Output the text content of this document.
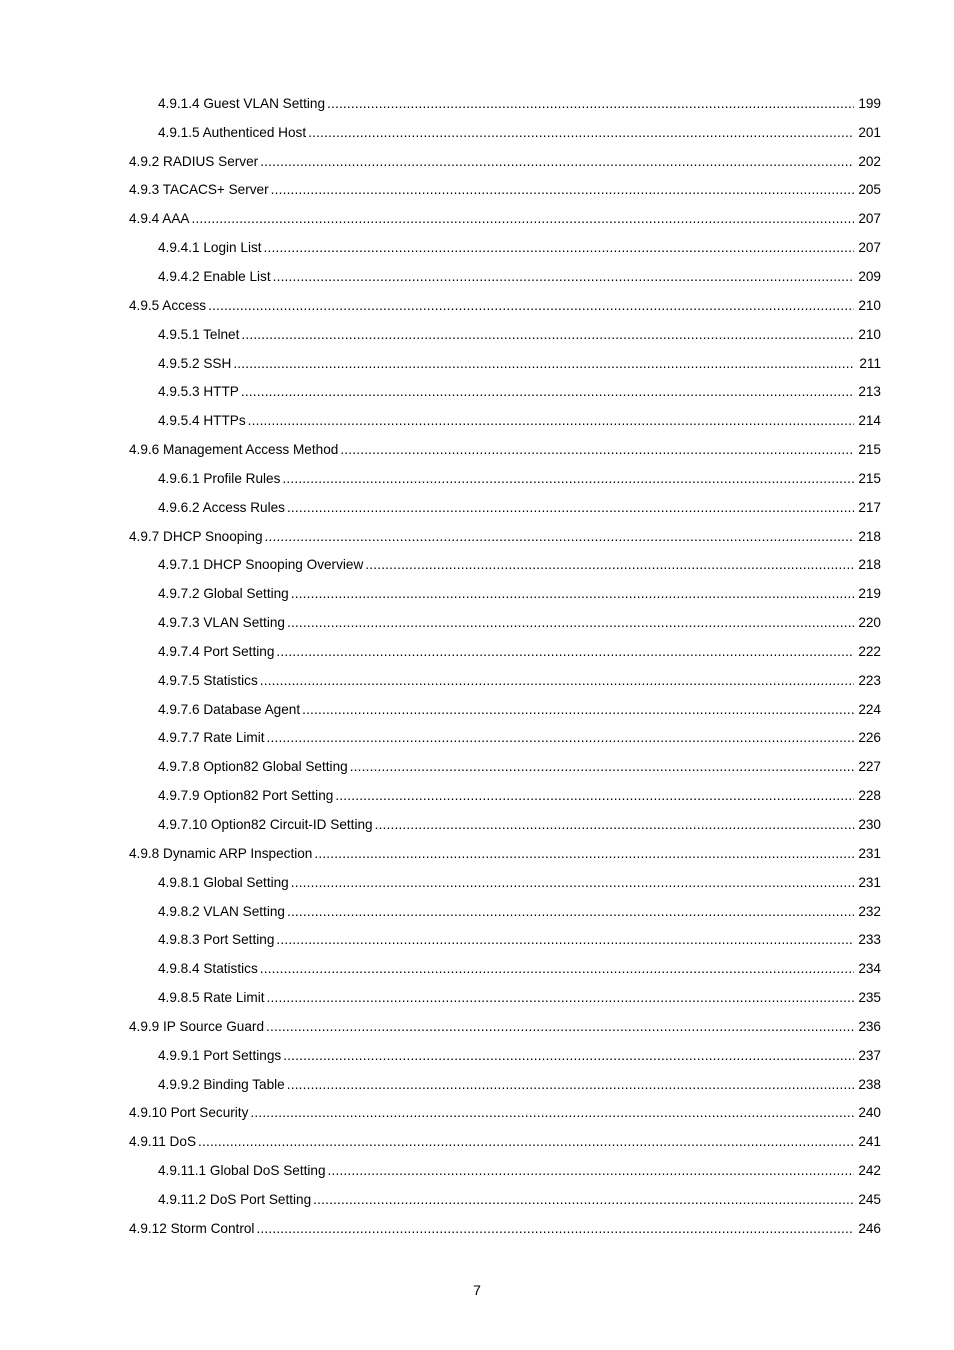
4.9.1.4 Guest VLAN Setting .....	199
4.9.1.5 Authenticed Host .....	201
4.9.2 RADIUS Server .....	202
4.9.3 TACACS+ Server .....	205
4.9.4 AAA .....	207
4.9.4.1 Login List .....	207
4.9.4.2 Enable List .....	209
4.9.5 Access .....	210
4.9.5.1 Telnet .....	210
4.9.5.2 SSH .....	211
4.9.5.3 HTTP .....	213
4.9.5.4 HTTPs .....	214
4.9.6 Management Access Method .....	215
4.9.6.1 Profile Rules .....	215
4.9.6.2 Access Rules .....	217
4.9.7 DHCP Snooping .....	218
4.9.7.1 DHCP Snooping Overview .....	218
4.9.7.2 Global Setting .....	219
4.9.7.3 VLAN Setting .....	220
4.9.7.4 Port Setting .....	222
4.9.7.5 Statistics .....	223
4.9.7.6 Database Agent .....	224
4.9.7.7 Rate Limit .....	226
4.9.7.8 Option82 Global Setting .....	227
4.9.7.9 Option82 Port Setting .....	228
4.9.7.10 Option82 Circuit-ID Setting .....	230
4.9.8 Dynamic ARP Inspection .....	231
4.9.8.1 Global Setting .....	231
4.9.8.2 VLAN Setting .....	232
4.9.8.3 Port Setting .....	233
4.9.8.4 Statistics .....	234
4.9.8.5 Rate Limit .....	235
4.9.9 IP Source Guard .....	236
4.9.9.1 Port Settings .....	237
4.9.9.2 Binding Table .....	238
4.9.10 Port Security .....	240
4.9.11 DoS .....	241
4.9.11.1 Global DoS Setting .....	242
4.9.11.2 DoS Port Setting .....	245
4.9.12 Storm Control .....	246
7
